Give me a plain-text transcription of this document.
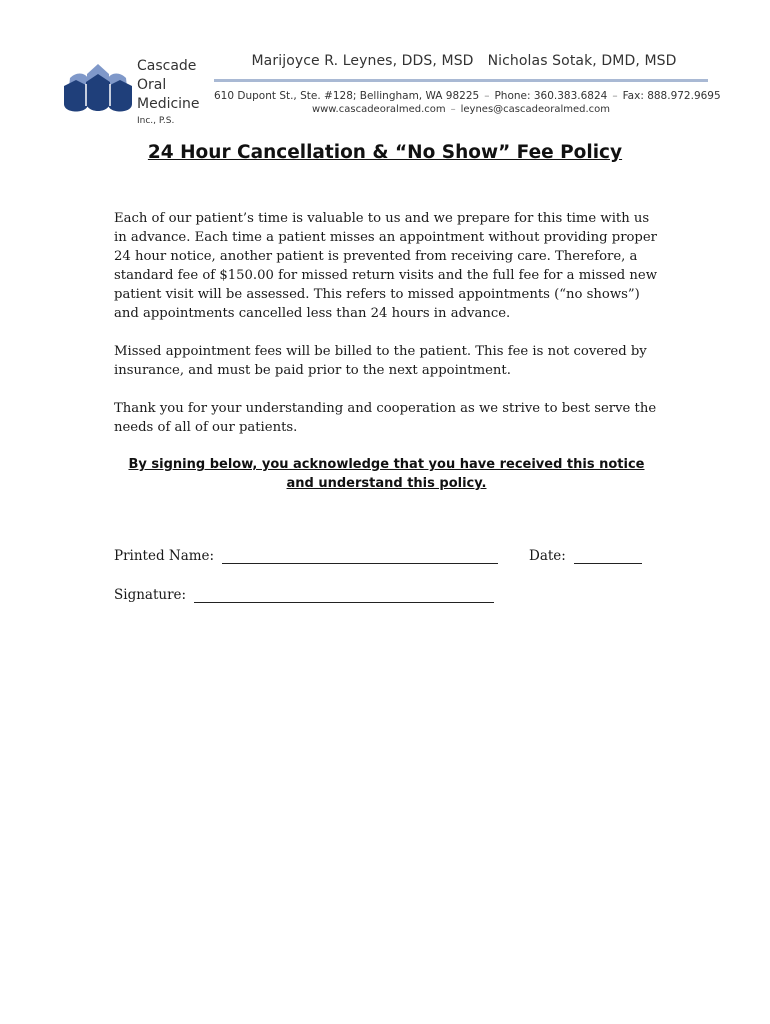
Cascade
Oral
Medicine
Inc., P.S.
Marijoyce R. Leynes, DDS, MSD Nicholas Sotak, DMD, MSD
610 Dupont St., Ste. #128; Bellingham, WA 98225 – Phone: 360.383.6824 – Fax: 888.972.9695
www.cascadeoralmed.com – leynes@cascadeoralmed.com
24 Hour Cancellation & “No Show” Fee Policy

Each of our patient’s time is valuable to us and we prepare for this time with us in advance. Each time a patient misses an appointment without providing proper 24 hour notice, another patient is prevented from receiving care. Therefore, a standard fee of $150.00 for missed return visits and the full fee for a missed new patient visit will be assessed. This refers to missed appointments (“no shows”) and appointments cancelled less than 24 hours in advance.

Missed appointment fees will be billed to the patient. This fee is not covered by insurance, and must be paid prior to the next appointment.

Thank you for your understanding and cooperation as we strive to best serve the needs of all of our patients.

By signing below, you acknowledge that you have received this notice and understand this policy.
Printed Name:	Date:
Signature:
